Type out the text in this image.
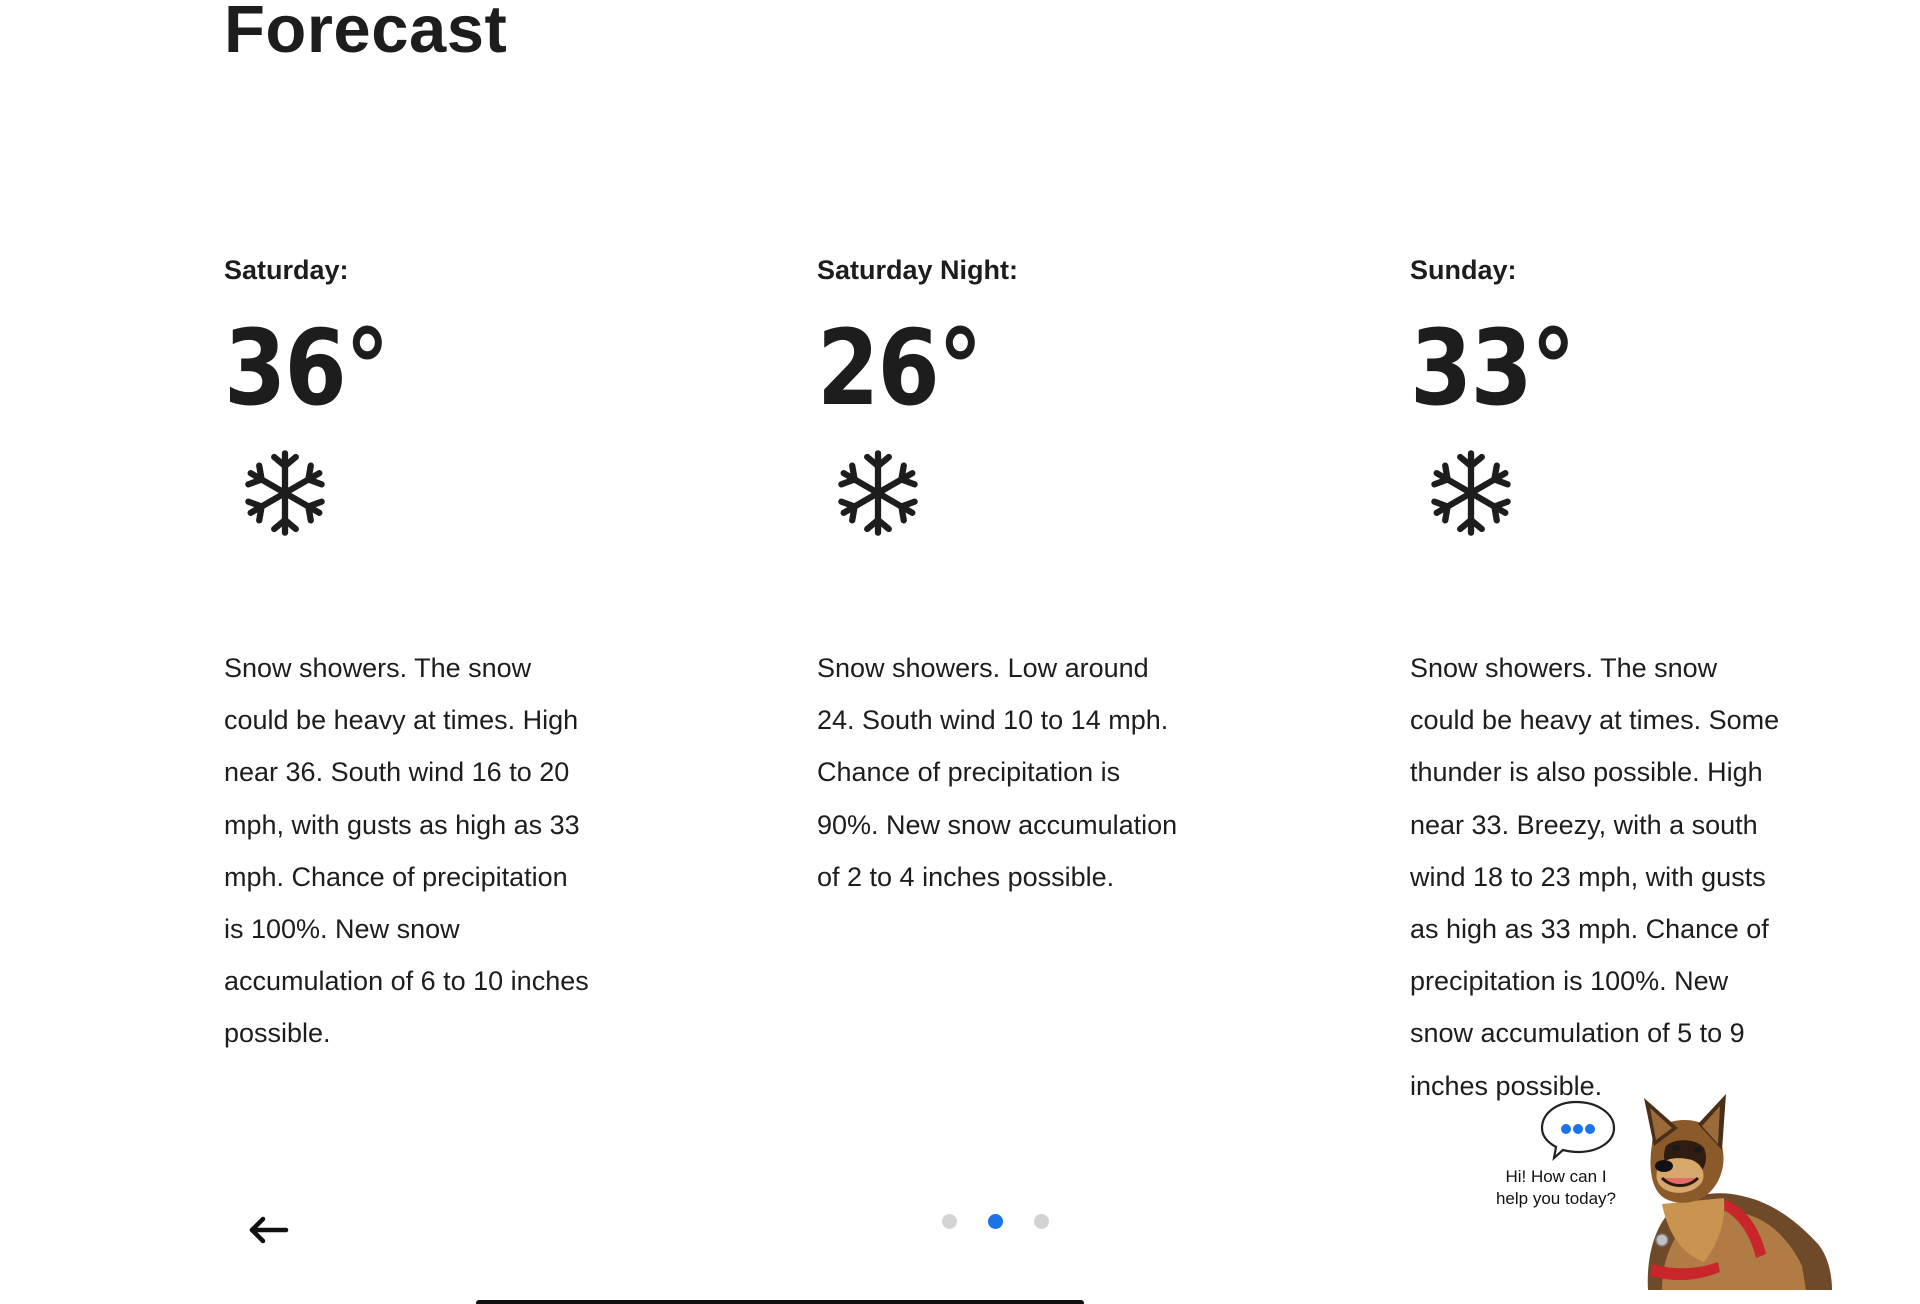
Forecast
Saturday:
36°
Snow showers. The snow could be heavy at times. High near 36. South wind 16 to 20 mph, with gusts as high as 33 mph. Chance of precipitation is 100%. New snow accumulation of 6 to 10 inches possible.
Saturday Night:
26°
Snow showers. Low around 24. South wind 10 to 14 mph. Chance of precipitation is 90%. New snow accumulation of 2 to 4 inches possible.
Sunday:
33°
Snow showers. The snow could be heavy at times. Some thunder is also possible. High near 33. Breezy, with a south wind 18 to 23 mph, with gusts as high as 33 mph. Chance of precipitation is 100%. New snow accumulation of 5 to 9 inches possible.

Hi! How can I
help you today?
